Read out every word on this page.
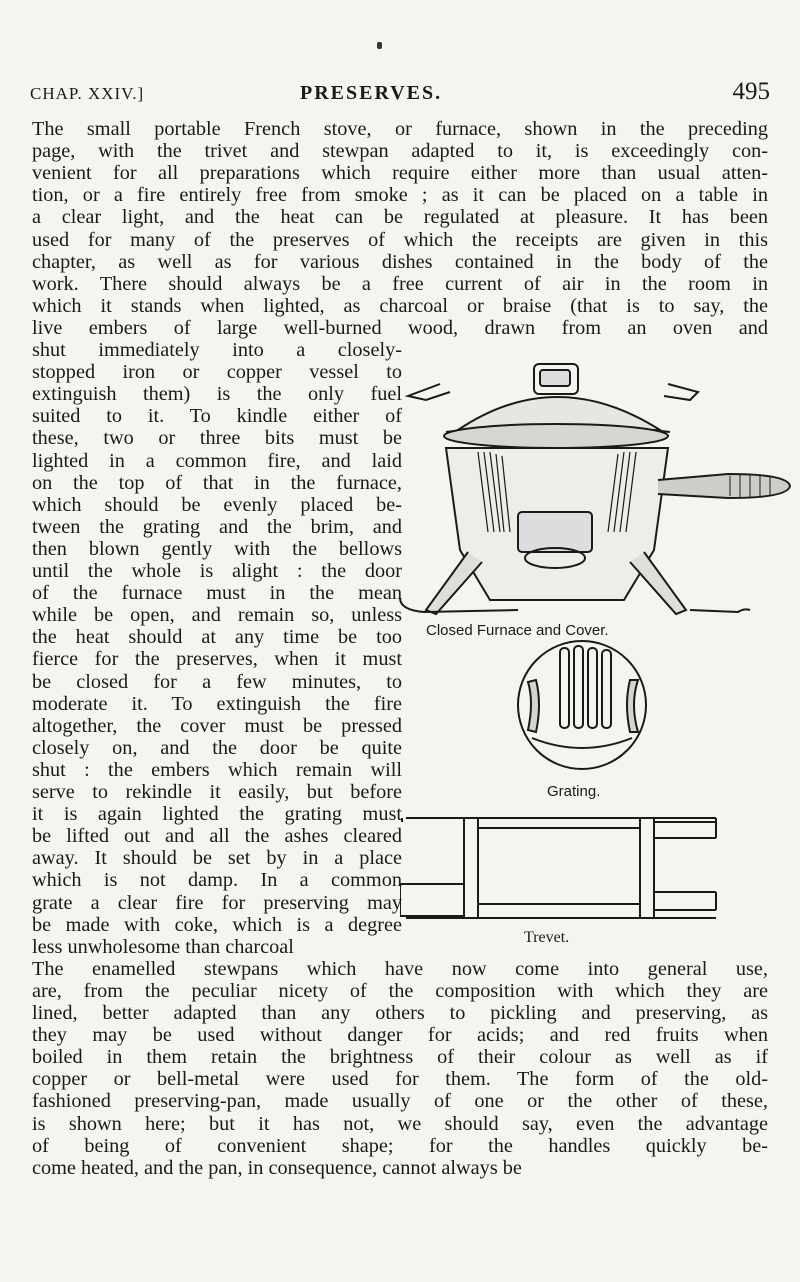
CHAP. XXIV.]	PRESERVES.	495
The small portable French stove, or furnace, shown in the preceding
page, with the trivet and stewpan adapted to it, is exceedingly con-
venient for all preparations which require either more than usual atten-
tion, or a fire entirely free from smoke ; as it can be placed on a table in
a clear light, and the heat can be regulated at pleasure. It has been
used for many of the preserves of which the receipts are given in this
chapter, as well as for various dishes contained in the body of the
work. There should always be a free current of air in the room in
which it stands when lighted, as charcoal or braise (that is to say, the
live embers of large well-burned wood, drawn from an oven and
shut immediately into a closely-
stopped iron or copper vessel to
extinguish them) is the only fuel
suited to it. To kindle either of
these, two or three bits must be
lighted in a common fire, and laid
on the top of that in the furnace,
which should be evenly placed be-
tween the grating and the brim, and
then blown gently with the bellows
until the whole is alight : the door
of the furnace must in the mean
while be open, and remain so, unless
the heat should at any time be too
fierce for the preserves, when it must
be closed for a few minutes, to
moderate it. To extinguish the fire
altogether, the cover must be pressed
closely on, and the door be quite
shut : the embers which remain will
serve to rekindle it easily, but before
it is again lighted the grating must
be lifted out and all the ashes cleared
away. It should be set by in a place
which is not damp. In a common
grate a clear fire for preserving may
be made with coke, which is a degree
less unwholesome than charcoal
The enamelled stewpans which have now come into general use,
are, from the peculiar nicety of the composition with which they are
lined, better adapted than any others to pickling and preserving, as
they may be used without danger for acids; and red fruits when
boiled in them retain the brightness of their colour as well as if
copper or bell-metal were used for them. The form of the old-
fashioned preserving-pan, made usually of one or the other of these,
is shown here; but it has not, we should say, even the advantage
of being of convenient shape; for the handles quickly be-
come heated, and the pan, in consequence, cannot always be
Closed Furnace and Cover.
Grating.
Trevet.
